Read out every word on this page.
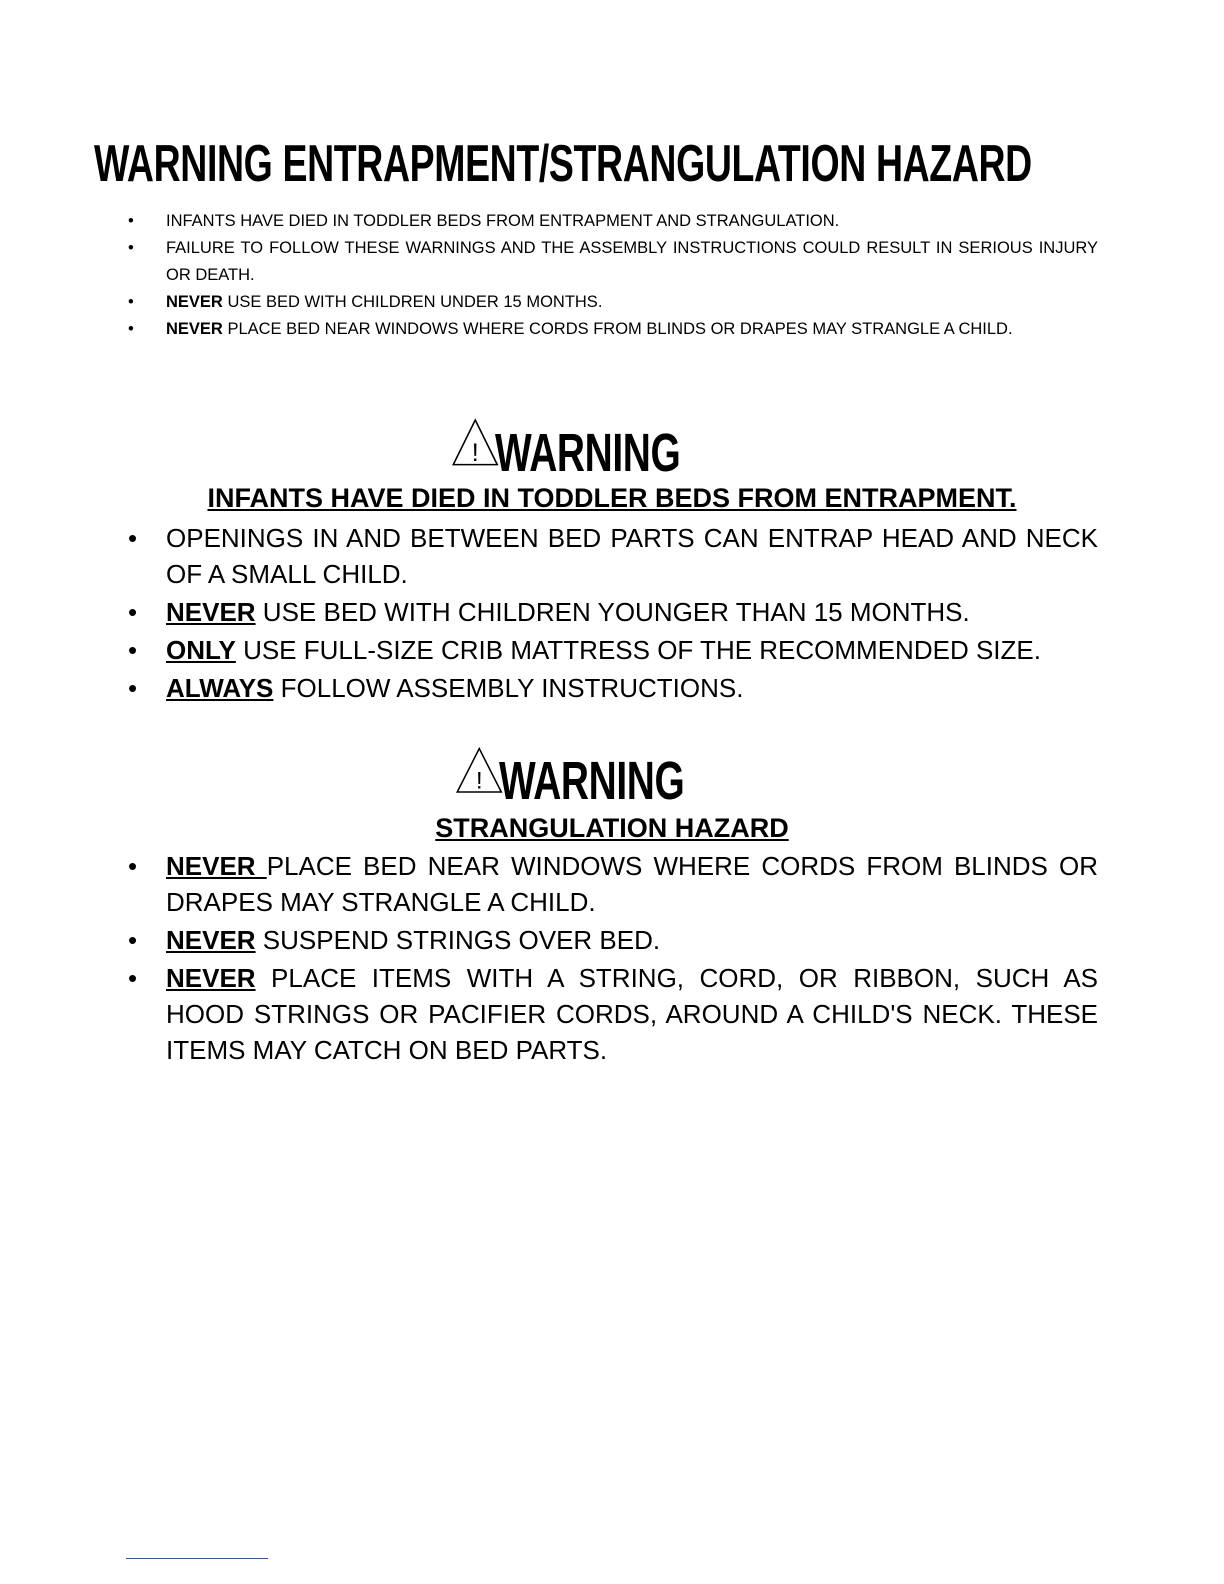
WARNING ENTRAPMENT/STRANGULATION HAZARD
• INFANTS HAVE DIED IN TODDLER BEDS FROM ENTRAPMENT AND STRANGULATION.
• FAILURE TO FOLLOW THESE WARNINGS AND THE ASSEMBLY INSTRUCTIONS COULD RESULT IN SERIOUS INJURY OR DEATH.
• NEVER USE BED WITH CHILDREN UNDER 15 MONTHS.
• NEVER PLACE BED NEAR WINDOWS WHERE CORDS FROM BLINDS OR DRAPES MAY STRANGLE A CHILD.
! WARNING
INFANTS HAVE DIED IN TODDLER BEDS FROM ENTRAPMENT.
• OPENINGS IN AND BETWEEN BED PARTS CAN ENTRAP HEAD AND NECK OF A SMALL CHILD.
• NEVER USE BED WITH CHILDREN YOUNGER THAN 15 MONTHS.
• ONLY USE FULL-SIZE CRIB MATTRESS OF THE RECOMMENDED SIZE.
• ALWAYS FOLLOW ASSEMBLY INSTRUCTIONS.
! WARNING
STRANGULATION HAZARD
• NEVER PLACE BED NEAR WINDOWS WHERE CORDS FROM BLINDS OR DRAPES MAY STRANGLE A CHILD.
• NEVER SUSPEND STRINGS OVER BED.
• NEVER PLACE ITEMS WITH A STRING, CORD, OR RIBBON, SUCH AS HOOD STRINGS OR PACIFIER CORDS, AROUND A CHILD'S NECK. THESE ITEMS MAY CATCH ON BED PARTS.
